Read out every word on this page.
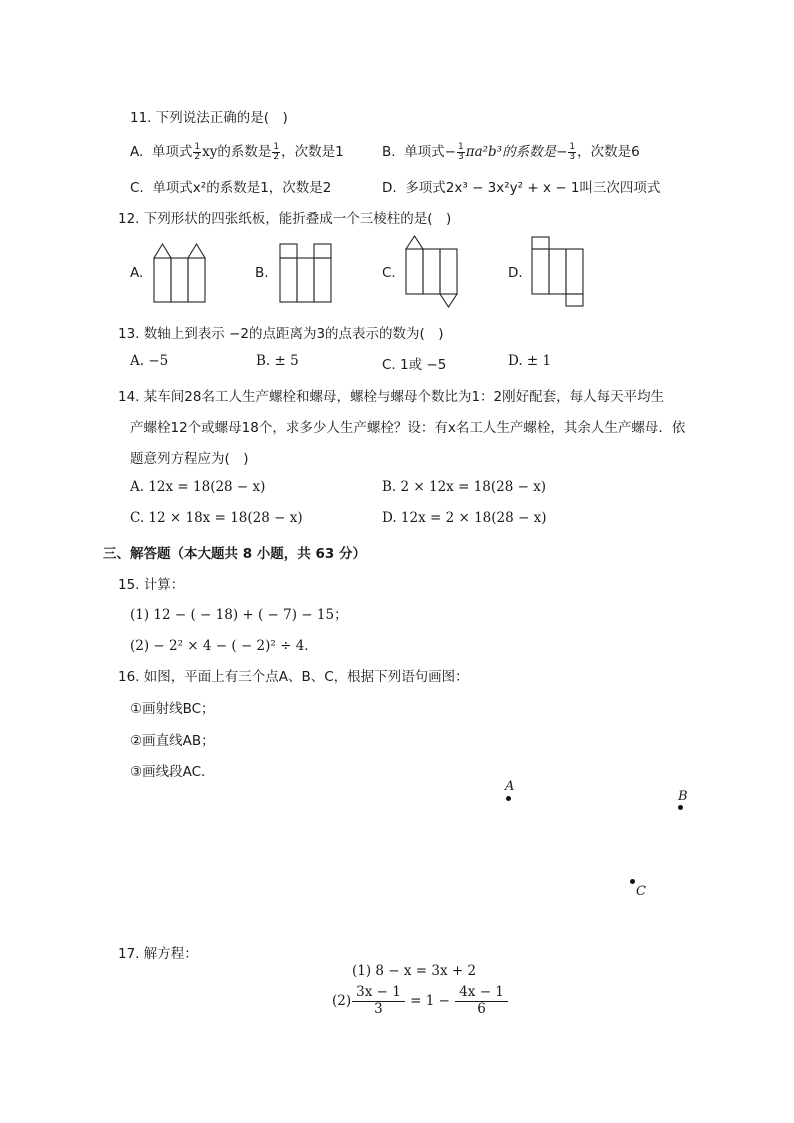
11. 下列说法正确的是(　)
A. 单项式 $\frac{1}{2}$ xy的系数是 $\frac{1}{2}$ ，次数是1	B. 单项式− $\frac{1}{3} \pi a^2b^3$的系数是− $\frac{1}{3}$ ，次数是6
C. 单项式x²的系数是1，次数是2	D. 多项式2x³ − 3x²y² + x − 1叫三次四项式
12. 下列形状的四张纸板，能折叠成一个三棱柱的是(　)
A.	B.	C.	D.
13. 数轴上到表示 −2的点距离为3的点表示的数为(　)
A. −5	B. ± 5	C. 1或 −5	D. ± 1
14. 某车间28名工人生产螺栓和螺母，螺栓与螺母个数比为1：2刚好配套，每人每天平均生
产螺栓12个或螺母18个，求多少人生产螺栓？设：有x名工人生产螺栓，其余人生产螺母．依
题意列方程应为(　)
A. 12x = 18(28 − x)	B. 2 × 12x = 18(28 − x)
C. 12 × 18x = 18(28 − x)	D. 12x = 2 × 18(28 − x)
三、解答题（本大题共 8 小题，共 63 分）
15. 计算：
(1) 12 − ( − 18) + ( − 7) − 15；
(2) − 2² × 4 − ( − 2)² ÷ 4．
16. 如图，平面上有三个点A、B、C，根据下列语句画图：
①画射线BC；
②画直线AB；
③画线段AC．
A
B
C
17. 解方程：
(1) 8 − x = 3x + 2
$(2) \frac{3x - 1}{3} = 1 - \frac{4x - 1}{6}$
